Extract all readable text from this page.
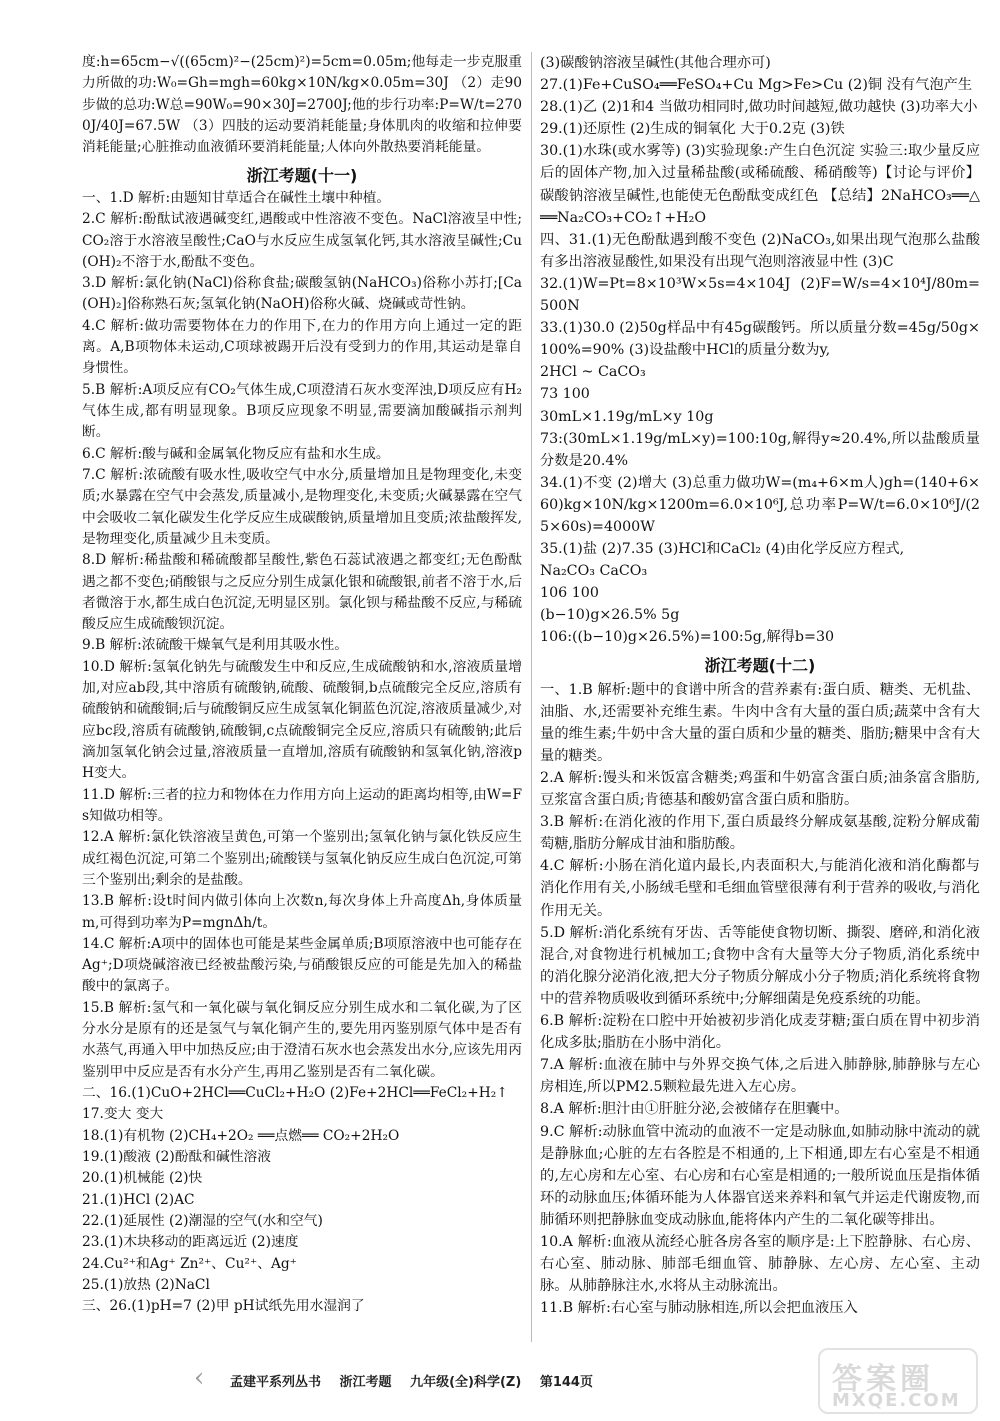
度:h=65cm−√((65cm)²−(25cm)²)=5cm=0.05m;他每走一步克服重力所做的功:W₀=Gh=mgh=60kg×10N/kg×0.05m=30J （2）走90步做的总功:W总=90W₀=90×30J=2700J;他的步行功率:P=W/t=2700J/40J=67.5W （3）四肢的运动要消耗能量;身体肌肉的收缩和拉伸要消耗能量;心脏推动血液循环要消耗能量;人体向外散热要消耗能量。
浙江考题(十一)
一、1.D 解析:由题知甘草适合在碱性土壤中种植。
2.C 解析:酚酞试液遇碱变红,遇酸或中性溶液不变色。NaCl溶液呈中性;CO₂溶于水溶液呈酸性;CaO与水反应生成氢氧化钙,其水溶液呈碱性;Cu(OH)₂不溶于水,酚酞不变色。
3.D 解析:氯化钠(NaCl)俗称食盐;碳酸氢钠(NaHCO₃)俗称小苏打;[Ca(OH)₂]俗称熟石灰;氢氧化钠(NaOH)俗称火碱、烧碱或苛性钠。
4.C 解析:做功需要物体在力的作用下,在力的作用方向上通过一定的距离。A,B项物体未运动,C项球被踢开后没有受到力的作用,其运动是靠自身惯性。
5.B 解析:A项反应有CO₂气体生成,C项澄清石灰水变浑浊,D项反应有H₂气体生成,都有明显现象。B项反应现象不明显,需要滴加酸碱指示剂判断。
6.C 解析:酸与碱和金属氧化物反应有盐和水生成。
7.C 解析:浓硫酸有吸水性,吸收空气中水分,质量增加且是物理变化,未变质;水暴露在空气中会蒸发,质量减小,是物理变化,未变质;火碱暴露在空气中会吸收二氧化碳发生化学反应生成碳酸钠,质量增加且变质;浓盐酸挥发,是物理变化,质量减少且未变质。
8.D 解析:稀盐酸和稀硫酸都呈酸性,紫色石蕊试液遇之都变红;无色酚酞遇之都不变色;硝酸银与之反应分别生成氯化银和硫酸银,前者不溶于水,后者微溶于水,都生成白色沉淀,无明显区别。氯化钡与稀盐酸不反应,与稀硫酸反应生成硫酸钡沉淀。
9.B 解析:浓硫酸干燥氧气是利用其吸水性。
10.D 解析:氢氧化钠先与硫酸发生中和反应,生成硫酸钠和水,溶液质量增加,对应ab段,其中溶质有硫酸钠,硫酸、硫酸铜,b点硫酸完全反应,溶质有硫酸钠和硫酸铜;后与硫酸铜反应生成氢氧化铜蓝色沉淀,溶液质量减少,对应bc段,溶质有硫酸钠,硫酸铜,c点硫酸铜完全反应,溶质只有硫酸钠;此后滴加氢氧化钠会过量,溶液质量一直增加,溶质有硫酸钠和氢氧化钠,溶液pH变大。
11.D 解析:三者的拉力和物体在力作用方向上运动的距离均相等,由W=Fs知做功相等。
12.A 解析:氯化铁溶液呈黄色,可第一个鉴别出;氢氧化钠与氯化铁反应生成红褐色沉淀,可第二个鉴别出;硫酸镁与氢氧化钠反应生成白色沉淀,可第三个鉴别出;剩余的是盐酸。
13.B 解析:设t时间内做引体向上次数n,每次身体上升高度Δh,身体质量m,可得到功率为P=mgnΔh/t。
14.C 解析:A项中的固体也可能是某些金属单质;B项原溶液中也可能存在Ag⁺;D项烧碱溶液已经被盐酸污染,与硝酸银反应的可能是先加入的稀盐酸中的氯离子。
15.B 解析:氢气和一氧化碳与氧化铜反应分别生成水和二氧化碳,为了区分水分是原有的还是氢气与氧化铜产生的,要先用丙鉴别原气体中是否有水蒸气,再通入甲中加热反应;由于澄清石灰水也会蒸发出水分,应该先用丙鉴别甲中反应是否有水分产生,再用乙鉴别是否有二氧化碳。
二、16.(1)CuO+2HCl══CuCl₂+H₂O (2)Fe+2HCl══FeCl₂+H₂↑
17.变大 变大
18.(1)有机物 (2)CH₄+2O₂ ══点燃══ CO₂+2H₂O
19.(1)酸液 (2)酚酞和碱性溶液
20.(1)机械能 (2)快
21.(1)HCl (2)AC
22.(1)延展性 (2)潮湿的空气(水和空气)
23.(1)木块移动的距离远近 (2)速度
24.Cu²⁺和Ag⁺ Zn²⁺、Cu²⁺、Ag⁺
25.(1)放热 (2)NaCl
三、26.(1)pH=7 (2)甲 pH试纸先用水湿润了
(3)碳酸钠溶液呈碱性(其他合理亦可)
27.(1)Fe+CuSO₄══FeSO₄+Cu Mg>Fe>Cu (2)铜 没有气泡产生
28.(1)乙 (2)1和4 当做功相同时,做功时间越短,做功越快 (3)功率大小
29.(1)还原性 (2)生成的铜氧化 大于0.2克 (3)铁
30.(1)水珠(或水雾等) (3)实验现象:产生白色沉淀 实验三:取少量反应后的固体产物,加入过量稀盐酸(或稀硫酸、稀硝酸等)【讨论与评价】碳酸钠溶液呈碱性,也能使无色酚酞变成红色 【总结】2NaHCO₃══△══Na₂CO₃+CO₂↑+H₂O
四、31.(1)无色酚酞遇到酸不变色 (2)NaCO₃,如果出现气泡那么盐酸有多出溶液显酸性,如果没有出现气泡则溶液显中性 (3)C
32.(1)W=Pt=8×10³W×5s=4×104J (2)F=W/s=4×10⁴J/80m=500N
33.(1)30.0 (2)50g样品中有45g碳酸钙。所以质量分数=45g/50g×100%=90% (3)设盐酸中HCl的质量分数为y,
2HCl ~ CaCO₃
73 100
30mL×1.19g/mL×y 10g
73:(30mL×1.19g/mL×y)=100:10g,解得y≈20.4%,所以盐酸质量分数是20.4%
34.(1)不变 (2)增大 (3)总重力做功W=(m₄+6×m人)gh=(140+6×60)kg×10N/kg×1200m=6.0×10⁶J,总功率P=W/t=6.0×10⁶J/(25×60s)=4000W
35.(1)盐 (2)7.35 (3)HCl和CaCl₂ (4)由化学反应方程式,
Na₂CO₃ CaCO₃
106 100
(b−10)g×26.5% 5g
106:((b−10)g×26.5%)=100:5g,解得b=30
浙江考题(十二)
一、1.B 解析:题中的食谱中所含的营养素有:蛋白质、糖类、无机盐、油脂、水,还需要补充维生素。牛肉中含有大量的蛋白质;蔬菜中含有大量的维生素;牛奶中含大量的蛋白质和少量的糖类、脂肪;糖果中含有大量的糖类。
2.A 解析:馒头和米饭富含糖类;鸡蛋和牛奶富含蛋白质;油条富含脂肪,豆浆富含蛋白质;肯德基和酸奶富含蛋白质和脂肪。
3.B 解析:在消化液的作用下,蛋白质最终分解成氨基酸,淀粉分解成葡萄糖,脂肪分解成甘油和脂肪酸。
4.C 解析:小肠在消化道内最长,内表面积大,与能消化液和消化酶都与消化作用有关,小肠绒毛壁和毛细血管壁很薄有利于营养的吸收,与消化作用无关。
5.D 解析:消化系统有牙齿、舌等能使食物切断、撕裂、磨碎,和消化液混合,对食物进行机械加工;食物中含有大量等大分子物质,消化系统中的消化腺分泌消化液,把大分子物质分解成小分子物质;消化系统将食物中的营养物质吸收到循环系统中;分解细菌是免疫系统的功能。
6.B 解析:淀粉在口腔中开始被初步消化成麦芽糖;蛋白质在胃中初步消化成多肽;脂肪在小肠中消化。
7.A 解析:血液在肺中与外界交换气体,之后进入肺静脉,肺静脉与左心房相连,所以PM2.5颗粒最先进入左心房。
8.A 解析:胆汁由①肝脏分泌,会被储存在胆囊中。
9.C 解析:动脉血管中流动的血液不一定是动脉血,如肺动脉中流动的就是静脉血;心脏的左右各腔是不相通的,上下相通,即左右心室是不相通的,左心房和左心室、右心房和右心室是相通的;一般所说血压是指体循环的动脉血压;体循环能为人体器官送来养料和氧气并运走代谢废物,而肺循环则把静脉血变成动脉血,能将体内产生的二氧化碳等排出。
10.A 解析:血液从流经心脏各房各室的顺序是:上下腔静脉、右心房、右心室、肺动脉、肺部毛细血管、肺静脉、左心房、左心室、主动脉。从肺静脉注水,水将从主动脉流出。
11.B 解析:右心室与肺动脉相连,所以会把血液压入
‹ 孟建平系列丛书 浙江考题 九年级(全)科学(Z) 第144页	答案圈
MXQE.COM
